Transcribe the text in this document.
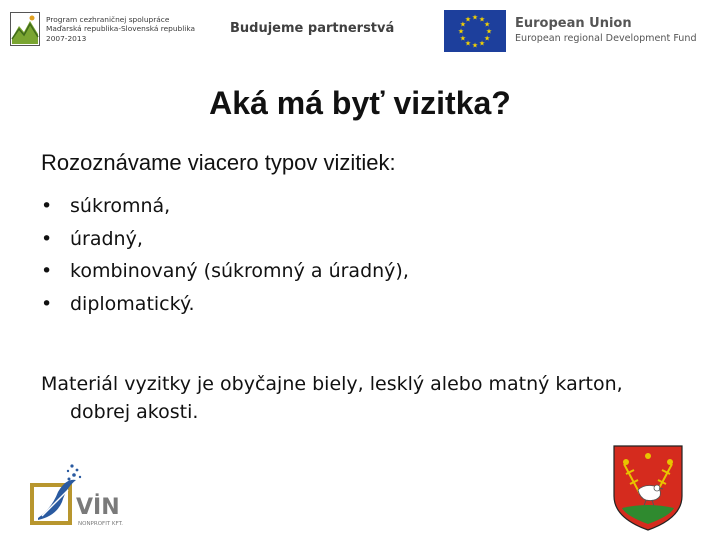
Program cezhraničnej spolupráce
Maďarská republika-Slovenská republika
2007-2013
Budujeme partnerstvá
★ ★
★
★
★
★
★
★
★
★
★
★	European Union
European regional Development Fund
Aká má byť vizitka?
Rozoznávame viacero typov vizitiek:
• súkromná,
• úradný,
• kombinovaný (súkromný a úradný),
• diplomatický.
Materiál vyzitky je obyčajne biely, lesklý alebo matný karton, dobrej akosti.
VİN
NONPROFIT KFT.
